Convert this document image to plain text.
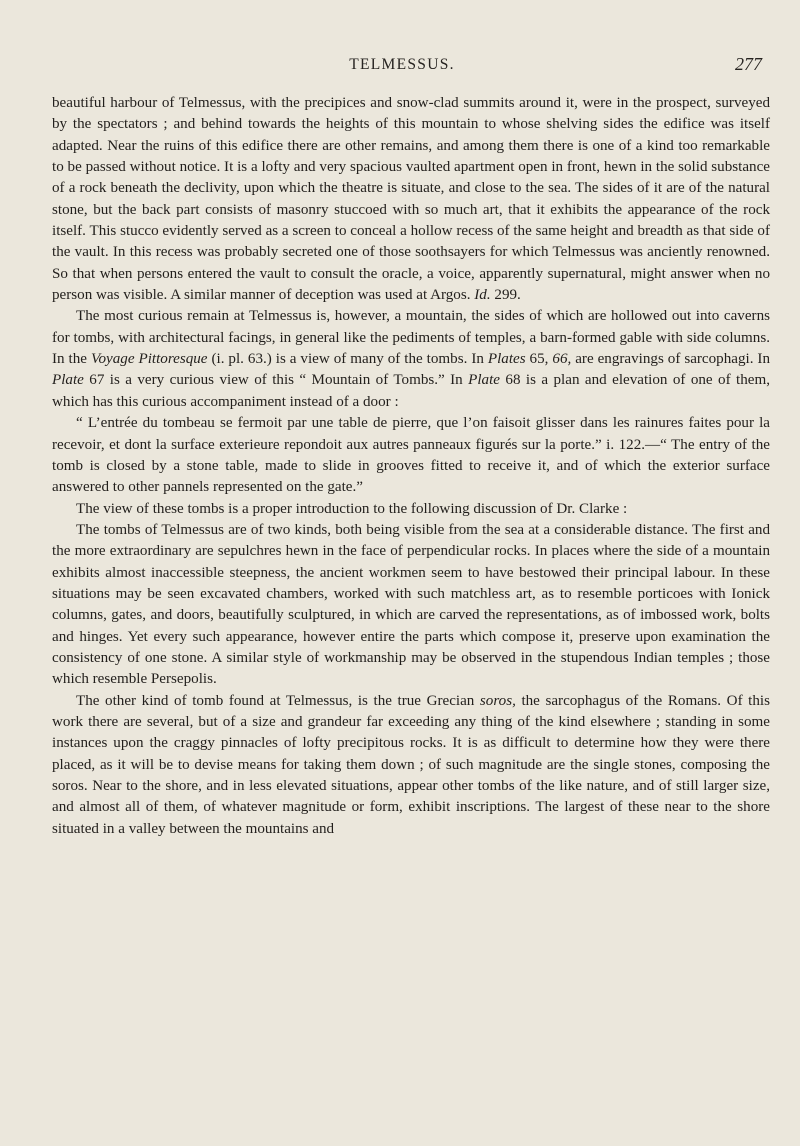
TELMESSUS.	277

beautiful harbour of Telmessus, with the precipices and snow-clad summits around it, were in the prospect, surveyed by the spectators ; and behind towards the heights of this mountain to whose shelving sides the edifice was itself adapted. Near the ruins of this edifice there are other remains, and among them there is one of a kind too remarkable to be passed without notice. It is a lofty and very spacious vaulted apartment open in front, hewn in the solid substance of a rock beneath the declivity, upon which the theatre is situate, and close to the sea. The sides of it are of the natural stone, but the back part consists of masonry stuccoed with so much art, that it exhibits the appearance of the rock itself. This stucco evidently served as a screen to conceal a hollow recess of the same height and breadth as that side of the vault. In this recess was probably secreted one of those soothsayers for which Telmessus was anciently renowned. So that when persons entered the vault to consult the oracle, a voice, apparently supernatural, might answer when no person was visible. A similar manner of deception was used at Argos. Id. 299.

The most curious remain at Telmessus is, however, a mountain, the sides of which are hollowed out into caverns for tombs, with architectural facings, in general like the pediments of temples, a barn-formed gable with side columns. In the Voyage Pittoresque (i. pl. 63.) is a view of many of the tombs. In Plates 65, 66, are engravings of sarcophagi. In Plate 67 is a very curious view of this “ Mountain of Tombs.” In Plate 68 is a plan and elevation of one of them, which has this curious accompaniment instead of a door :

“ L’entrée du tombeau se fermoit par une table de pierre, que l’on faisoit glisser dans les rainures faites pour la recevoir, et dont la surface exterieure repondoit aux autres panneaux figurés sur la porte.” i. 122.—“ The entry of the tomb is closed by a stone table, made to slide in grooves fitted to receive it, and of which the exterior surface answered to other pannels represented on the gate.”

The view of these tombs is a proper introduction to the following discussion of Dr. Clarke :

The tombs of Telmessus are of two kinds, both being visible from the sea at a considerable distance. The first and the more extraordinary are sepulchres hewn in the face of perpendicular rocks. In places where the side of a mountain exhibits almost inaccessible steepness, the ancient workmen seem to have bestowed their principal labour. In these situations may be seen excavated chambers, worked with such matchless art, as to resemble porticoes with Ionick columns, gates, and doors, beautifully sculptured, in which are carved the representations, as of imbossed work, bolts and hinges. Yet every such appearance, however entire the parts which compose it, preserve upon examination the consistency of one stone. A similar style of workmanship may be observed in the stupendous Indian temples ; those which resemble Persepolis.

The other kind of tomb found at Telmessus, is the true Grecian soros, the sarcophagus of the Romans. Of this work there are several, but of a size and grandeur far exceeding any thing of the kind elsewhere ; standing in some instances upon the craggy pinnacles of lofty precipitous rocks. It is as difficult to determine how they were there placed, as it will be to devise means for taking them down ; of such magnitude are the single stones, composing the soros. Near to the shore, and in less elevated situations, appear other tombs of the like nature, and of still larger size, and almost all of them, of whatever magnitude or form, exhibit inscriptions. The largest of these near to the shore situated in a valley between the mountains and
